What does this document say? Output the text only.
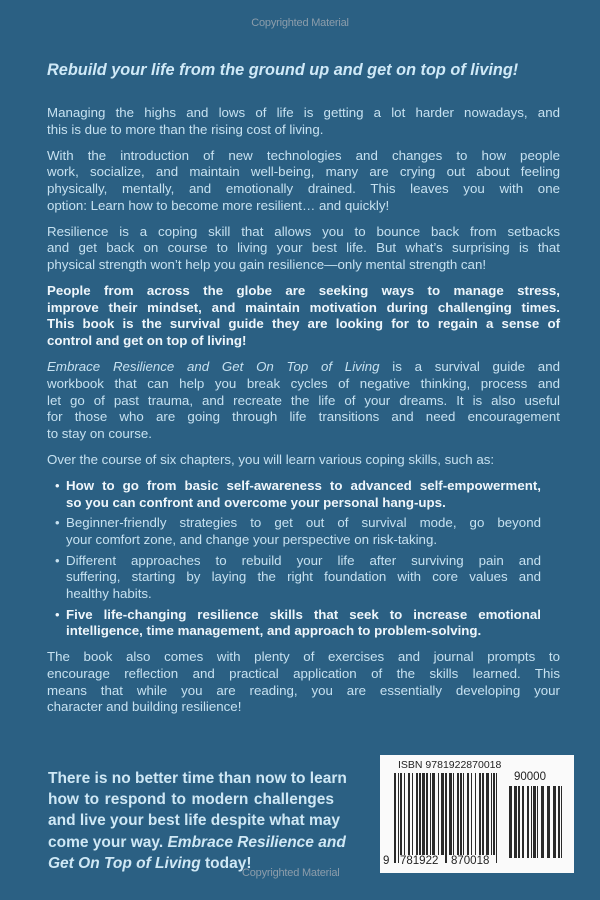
Copyrighted Material
Rebuild your life from the ground up and get on top of living!
Managing the highs and lows of life is getting a lot harder nowadays, and
this is due to more than the rising cost of living.
With the introduction of new technologies and changes to how people
work, socialize, and maintain well-being, many are crying out about feeling
physically, mentally, and emotionally drained. This leaves you with one
option: Learn how to become more resilient… and quickly!
Resilience is a coping skill that allows you to bounce back from setbacks
and get back on course to living your best life. But what’s surprising is that
physical strength won’t help you gain resilience—only mental strength can!
People from across the globe are seeking ways to manage stress,
improve their mindset, and maintain motivation during challenging times.
This book is the survival guide they are looking for to regain a sense of
control and get on top of living!
Embrace Resilience and Get On Top of Living is a survival guide and
workbook that can help you break cycles of negative thinking, process and
let go of past trauma, and recreate the life of your dreams. It is also useful
for those who are going through life transitions and need encouragement
to stay on course.
Over the course of six chapters, you will learn various coping skills, such as:
• How to go from basic self-awareness to advanced self-empowerment,
so you can confront and overcome your personal hang-ups.
• Beginner-friendly strategies to get out of survival mode, go beyond
your comfort zone, and change your perspective on risk-taking.
• Different approaches to rebuild your life after surviving pain and
suffering, starting by laying the right foundation with core values and
healthy habits.
• Five life-changing resilience skills that seek to increase emotional
intelligence, time management, and approach to problem-solving.
The book also comes with plenty of exercises and journal prompts to
encourage reflection and practical application of the skills learned. This
means that while you are reading, you are essentially developing your
character and building resilience!
There is no better time than now to learn
how to respond to modern challenges
and live your best life despite what may
come your way. Embrace Resilience and
Get On Top of Living today!
Copyrighted Material
ISBN 9781922870018
9 781922 870018
90000
